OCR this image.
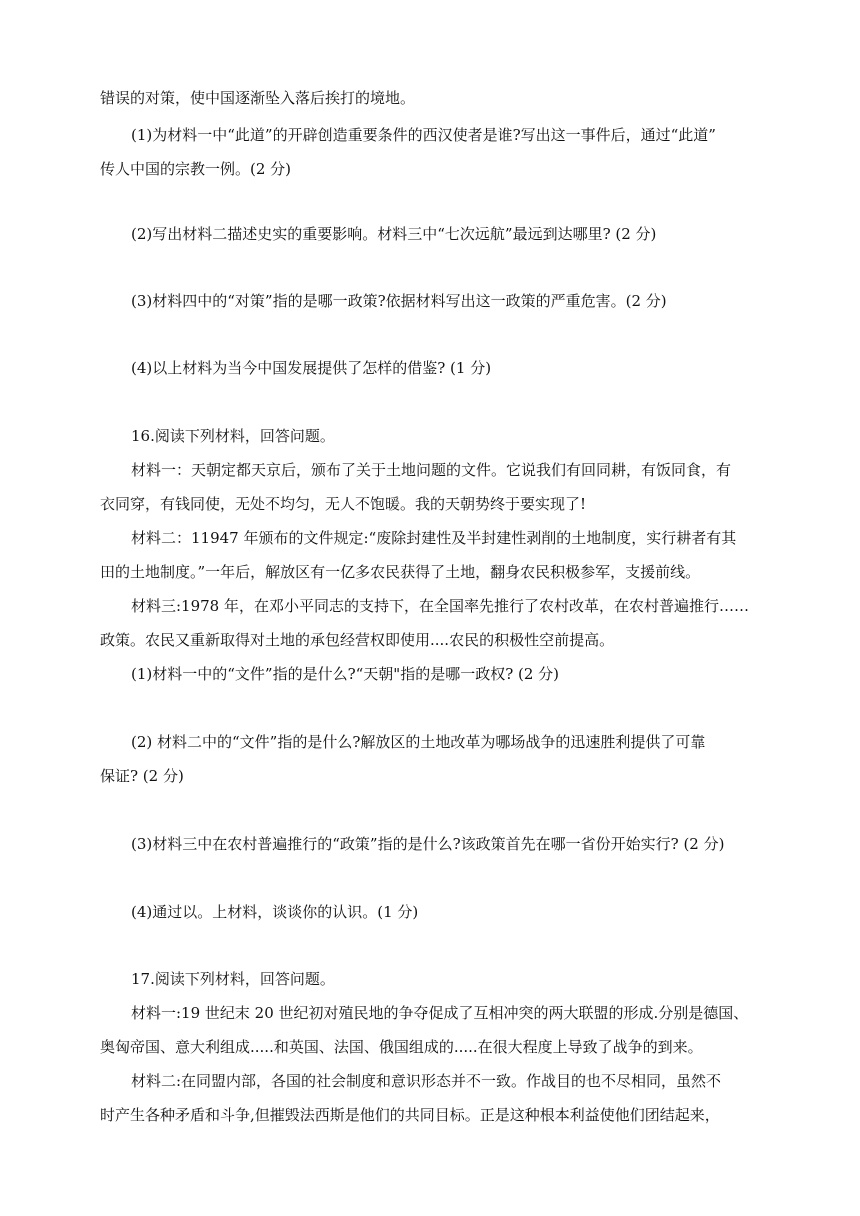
错误的对策，使中国逐渐坠入落后挨打的境地。
(1)为材料一中“此道”的开辟创造重要条件的西汉使者是谁?写出这一事件后，通过“此道”
传人中国的宗教一例。(2 分)
(2)写出材料二描述史实的重要影响。材料三中“七次远航”最远到达哪里? (2 分)
(3)材料四中的“对策”指的是哪一政策?依据材料写出这一政策的严重危害。(2 分)
(4)以上材料为当今中国发展提供了怎样的借鉴? (1 分)
16.阅读下列材料，回答问题。
材料一：天朝定都天京后，颁布了关于土地问题的文件。它说我们有回同耕，有饭同食，有
衣同穿，有钱同使，无处不均匀，无人不饱暖。我的天朝势终于要实现了!
材料二：11947 年颁布的文件规定:“废除封建性及半封建性剥削的土地制度，实行耕者有其
田的土地制度。”一年后，解放区有一亿多农民获得了土地，翻身农民积极参军，支援前线。
材料三:1978 年，在邓小平同志的支持下，在全国率先推行了农村改革，在农村普遍推行……
政策。农民又重新取得对土地的承包经营权即使用....农民的积极性空前提高。
(1)材料一中的“文件”指的是什么?“天朝"指的是哪一政权? (2 分)
(2) 材料二中的“文件”指的是什么?解放区的土地改革为哪场战争的迅速胜利提供了可靠
保证? (2 分)
(3)材料三中在农村普遍推行的“政策”指的是什么?该政策首先在哪一省份开始实行? (2 分)
(4)通过以。上材料，谈谈你的认识。(1 分)
17.阅读下列材料，回答问题。
材料一:19 世纪末 20 世纪初对殖民地的争夺促成了互相冲突的两大联盟的形成.分别是德国、
奥匈帝国、意大利组成.....和英国、法国、俄国组成的.....在很大程度上导致了战争的到来。
材料二:在同盟内部，各国的社会制度和意识形态并不一致。作战目的也不尽相同，虽然不
时产生各种矛盾和斗争,但摧毁法西斯是他们的共同目标。正是这种根本利益使他们团结起来，
